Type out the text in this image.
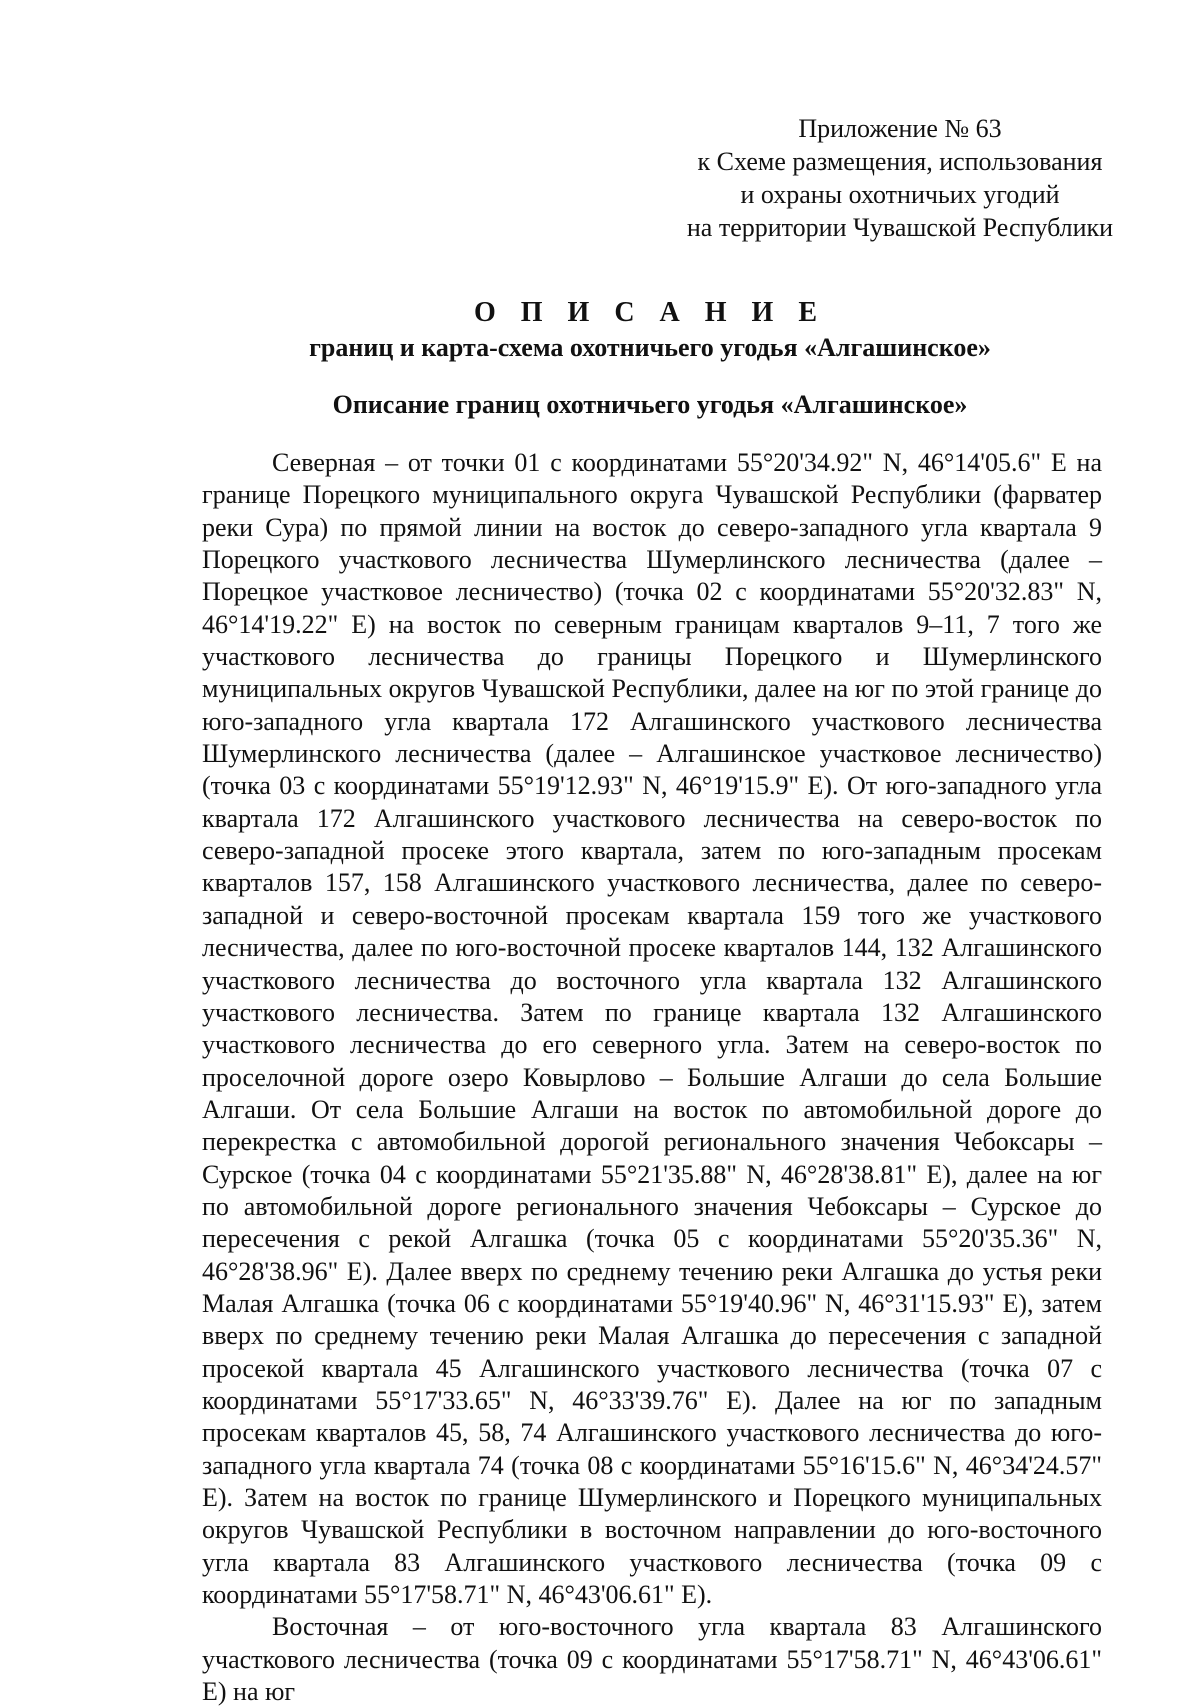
Приложение № 63
к Схеме размещения, использования
и охраны охотничьих угодий
на территории Чувашской Республики
О П И С А Н И Е
границ и карта-схема охотничьего угодья «Алгашинское»
Описание границ охотничьего угодья «Алгашинское»

Северная – от точки 01 с координатами 55°20'34.92" N, 46°14'05.6" E на границе Порецкого муниципального округа Чувашской Республики (фарватер реки Сура) по прямой линии на восток до северо-западного угла квартала 9 Порецкого участкового лесничества Шумерлинского лесничества (далее – Порецкое участковое лесничество) (точка 02 с координатами 55°20'32.83" N, 46°14'19.22" E) на восток по северным границам кварталов 9–11, 7 того же участкового лесничества до границы Порецкого и Шумерлинского муниципальных округов Чувашской Республики, далее на юг по этой границе до юго-западного угла квартала 172 Алгашинского участкового лесничества Шумерлинского лесничества (далее – Алгашинское участковое лесничество) (точка 03 с координатами 55°19'12.93" N, 46°19'15.9" E). От юго-западного угла квартала 172 Алгашинского участкового лесничества на северо-восток по северо-западной просеке этого квартала, затем по юго-западным просекам кварталов 157, 158 Алгашинского участкового лесничества, далее по северо-западной и северо-восточной просекам квартала 159 того же участкового лесничества, далее по юго-восточной просеке кварталов 144, 132 Алгашинского участкового лесничества до восточного угла квартала 132 Алгашинского участкового лесничества. Затем по границе квартала 132 Алгашинского участкового лесничества до его северного угла. Затем на северо-восток по проселочной дороге озеро Ковырлово – Большие Алгаши до села Большие Алгаши. От села Большие Алгаши на восток по автомобильной дороге до перекрестка с автомобильной дорогой регионального значения Чебоксары – Сурское (точка 04 с координатами 55°21'35.88" N, 46°28'38.81" E), далее на юг по автомобильной дороге регионального значения Чебоксары – Сурское до пересечения с рекой Алгашка (точка 05 с координатами 55°20'35.36" N, 46°28'38.96" E). Далее вверх по среднему течению реки Алгашка до устья реки Малая Алгашка (точка 06 с координатами 55°19'40.96" N, 46°31'15.93" E), затем вверх по среднему течению реки Малая Алгашка до пересечения с западной просекой квартала 45 Алгашинского участкового лесничества (точка 07 с координатами 55°17'33.65" N, 46°33'39.76" E). Далее на юг по западным просекам кварталов 45, 58, 74 Алгашинского участкового лесничества до юго-западного угла квартала 74 (точка 08 с координатами 55°16'15.6" N, 46°34'24.57" E). Затем на восток по границе Шумерлинского и Порецкого муниципальных округов Чувашской Республики в восточном направлении до юго-восточного угла квартала 83 Алгашинского участкового лесничества (точка 09 с координатами 55°17'58.71" N, 46°43'06.61" E).

Восточная – от юго-восточного угла квартала 83 Алгашинского участкового лесничества (точка 09 с координатами 55°17'58.71" N, 46°43'06.61" E) на юг
